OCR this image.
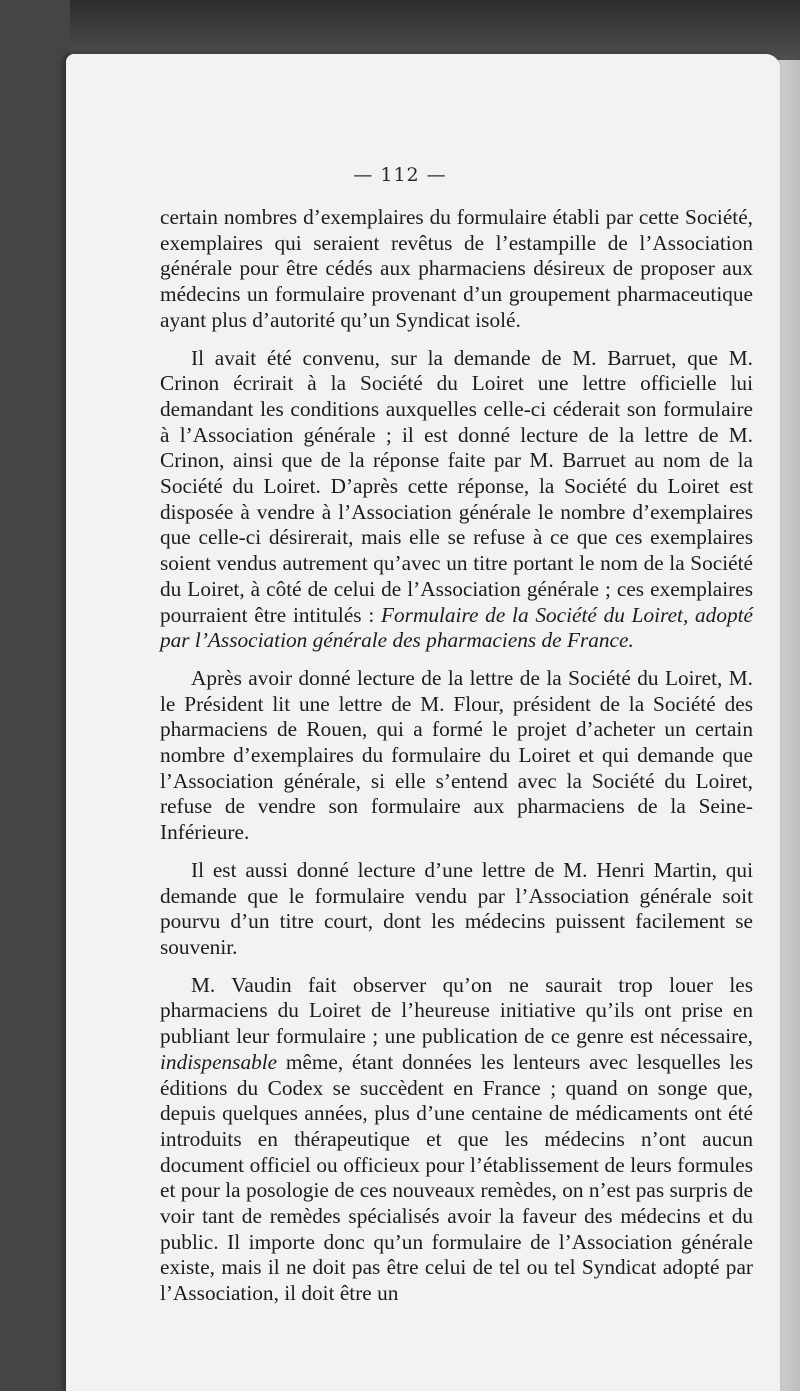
— 112 —

certain nombres d’exemplaires du formulaire établi par cette Société, exemplaires qui seraient revêtus de l’estampille de l’Association générale pour être cédés aux pharmaciens désireux de proposer aux médecins un formulaire provenant d’un groupement pharmaceutique ayant plus d’autorité qu’un Syndicat isolé.

Il avait été convenu, sur la demande de M. Barruet, que M. Crinon écrirait à la Société du Loiret une lettre officielle lui demandant les conditions auxquelles celle-ci céderait son formulaire à l’Association générale ; il est donné lecture de la lettre de M. Crinon, ainsi que de la réponse faite par M. Barruet au nom de la Société du Loiret. D’après cette réponse, la Société du Loiret est disposée à vendre à l’Association générale le nombre d’exemplaires que celle-ci désirerait, mais elle se refuse à ce que ces exemplaires soient vendus autrement qu’avec un titre portant le nom de la Société du Loiret, à côté de celui de l’Association générale ; ces exemplaires pourraient être intitulés : Formulaire de la Société du Loiret, adopté par l’Association générale des pharmaciens de France.

Après avoir donné lecture de la lettre de la Société du Loiret, M. le Président lit une lettre de M. Flour, président de la Société des pharmaciens de Rouen, qui a formé le projet d’acheter un certain nombre d’exemplaires du formulaire du Loiret et qui demande que l’Association générale, si elle s’entend avec la Société du Loiret, refuse de vendre son formulaire aux pharmaciens de la Seine-Inférieure.

Il est aussi donné lecture d’une lettre de M. Henri Martin, qui demande que le formulaire vendu par l’Association générale soit pourvu d’un titre court, dont les médecins puissent facilement se souvenir.

M. Vaudin fait observer qu’on ne saurait trop louer les pharmaciens du Loiret de l’heureuse initiative qu’ils ont prise en publiant leur formulaire ; une publication de ce genre est nécessaire, indispensable même, étant données les lenteurs avec lesquelles les éditions du Codex se succèdent en France ; quand on songe que, depuis quelques années, plus d’une centaine de médicaments ont été introduits en thérapeutique et que les médecins n’ont aucun document officiel ou officieux pour l’établissement de leurs formules et pour la posologie de ces nouveaux remèdes, on n’est pas surpris de voir tant de remèdes spécialisés avoir la faveur des médecins et du public. Il importe donc qu’un formulaire de l’Association générale existe, mais il ne doit pas être celui de tel ou tel Syndicat adopté par l’Association, il doit être un
